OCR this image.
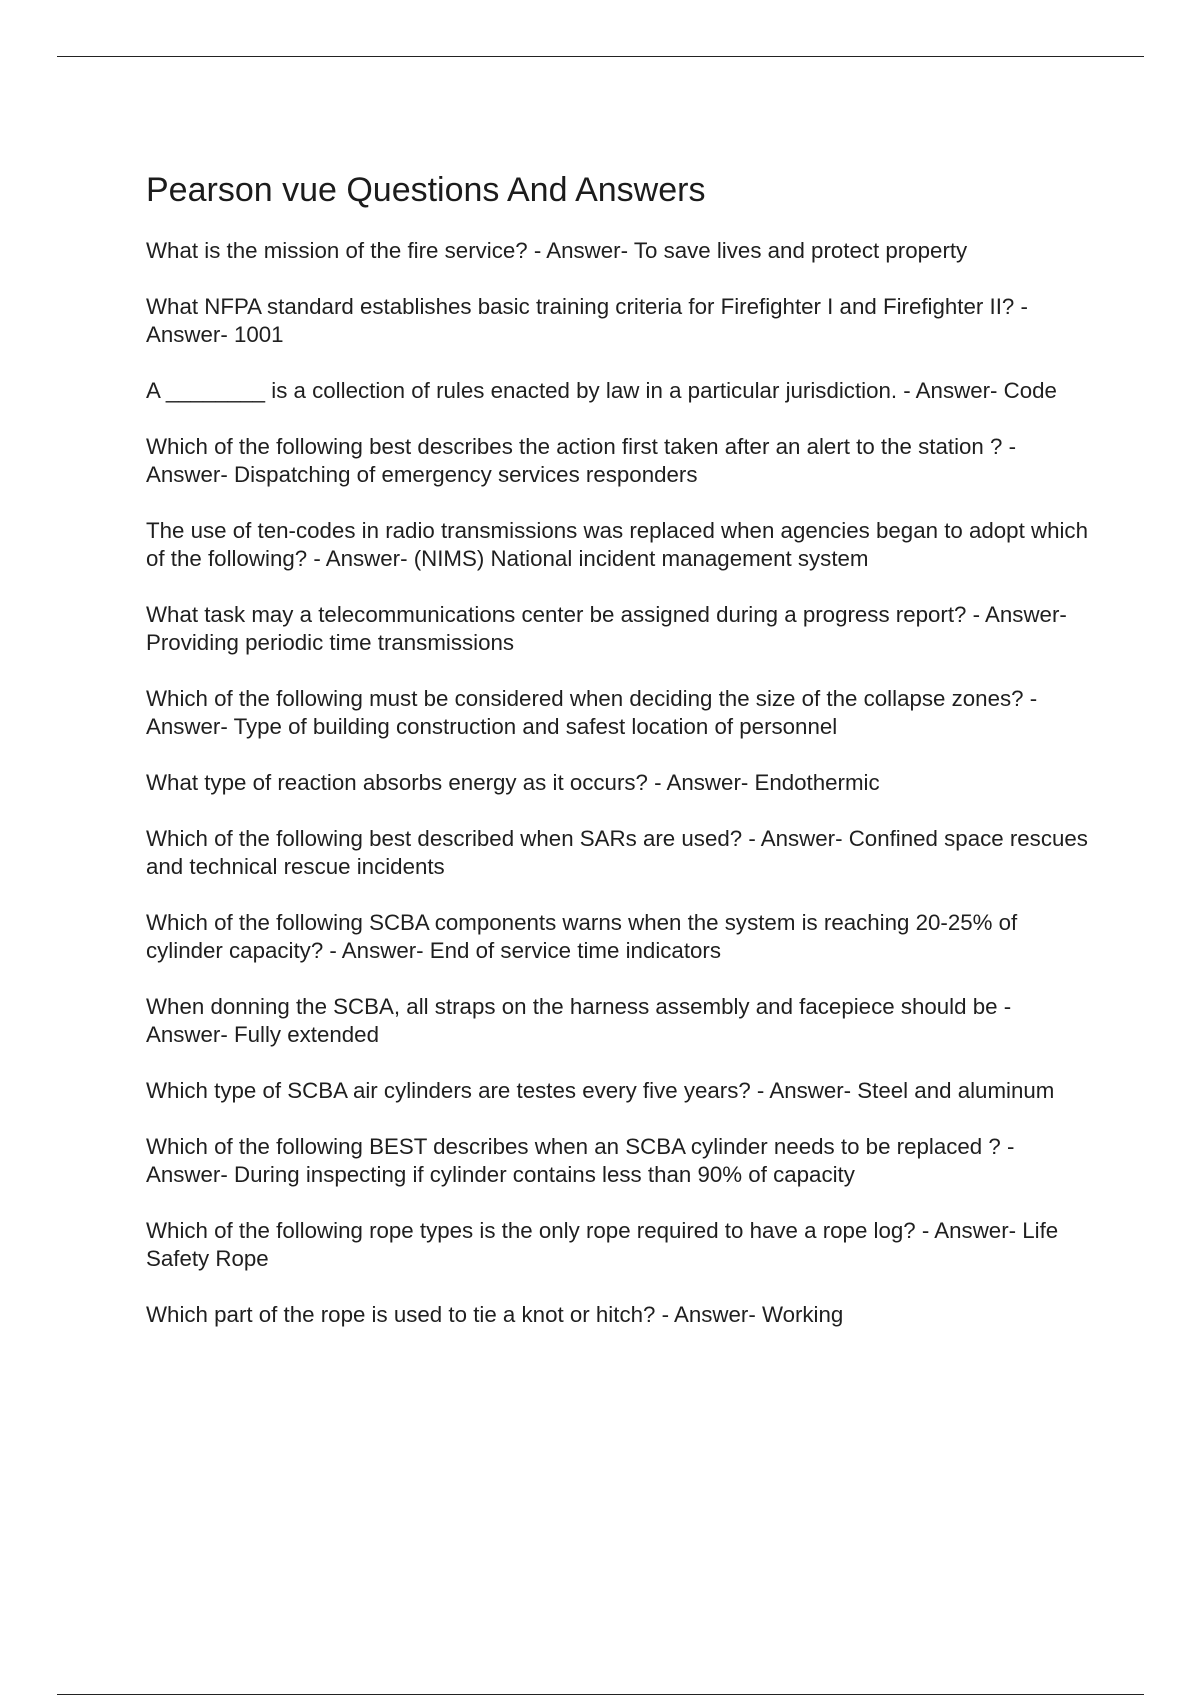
Pearson vue Questions And Answers
What is the mission of the fire service? - Answer- To save lives and protect property
What NFPA standard establishes basic training criteria for Firefighter I and Firefighter II? - Answer- 1001
A ________ is a collection of rules enacted by law in a particular jurisdiction. - Answer- Code
Which of the following best describes the action first taken after an alert to the station ? - Answer- Dispatching of emergency services responders
The use of ten-codes in radio transmissions was replaced when agencies began to adopt which of the following? - Answer- (NIMS) National incident management system
What task may a telecommunications center be assigned during a progress report? - Answer- Providing periodic time transmissions
Which of the following must be considered when deciding the size of the collapse zones? - Answer- Type of building construction and safest location of personnel
What type of reaction absorbs energy as it occurs? - Answer- Endothermic
Which of the following best described when SARs are used? - Answer- Confined space rescues and technical rescue incidents
Which of the following SCBA components warns when the system is reaching 20-25% of cylinder capacity? - Answer- End of service time indicators
When donning the SCBA, all straps on the harness assembly and facepiece should be - Answer- Fully extended
Which type of SCBA air cylinders are testes every five years? - Answer- Steel and aluminum
Which of the following BEST describes when an SCBA cylinder needs to be replaced ? - Answer- During inspecting if cylinder contains less than 90% of capacity
Which of the following rope types is the only rope required to have a rope log? - Answer- Life Safety Rope
Which part of the rope is used to tie a knot or hitch? - Answer- Working
